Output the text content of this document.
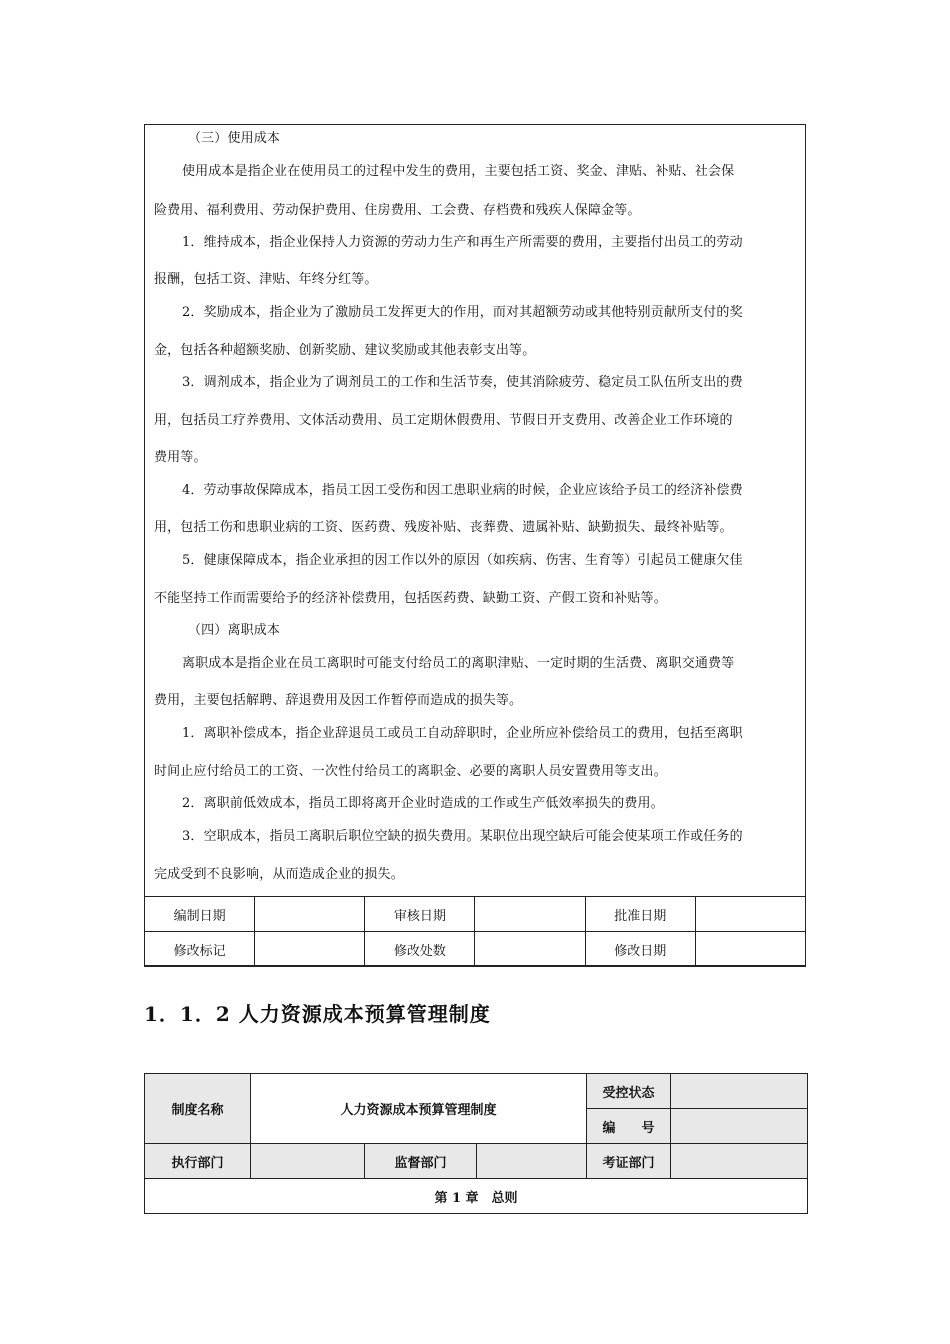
（三）使用成本
使用成本是指企业在使用员工的过程中发生的费用，主要包括工资、奖金、津贴、补贴、社会保
险费用、福利费用、劳动保护费用、住房费用、工会费、存档费和残疾人保障金等。
1．维持成本，指企业保持人力资源的劳动力生产和再生产所需要的费用，主要指付出员工的劳动
报酬，包括工资、津贴、年终分红等。
2．奖励成本，指企业为了激励员工发挥更大的作用，而对其超额劳动或其他特别贡献所支付的奖
金，包括各种超额奖励、创新奖励、建议奖励或其他表彰支出等。
3．调剂成本，指企业为了调剂员工的工作和生活节奏，使其消除疲劳、稳定员工队伍所支出的费
用，包括员工疗养费用、文体活动费用、员工定期休假费用、节假日开支费用、改善企业工作环境的
费用等。
4．劳动事故保障成本，指员工因工受伤和因工患职业病的时候，企业应该给予员工的经济补偿费
用，包括工伤和患职业病的工资、医药费、残废补贴、丧葬费、遗属补贴、缺勤损失、最终补贴等。
5．健康保障成本，指企业承担的因工作以外的原因（如疾病、伤害、生育等）引起员工健康欠佳
不能坚持工作而需要给予的经济补偿费用，包括医药费、缺勤工资、产假工资和补贴等。
（四）离职成本
离职成本是指企业在员工离职时可能支付给员工的离职津贴、一定时期的生活费、离职交通费等
费用，主要包括解聘、辞退费用及因工作暂停而造成的损失等。
1．离职补偿成本，指企业辞退员工或员工自动辞职时，企业所应补偿给员工的费用，包括至离职
时间止应付给员工的工资、一次性付给员工的离职金、必要的离职人员安置费用等支出。
2．离职前低效成本，指员工即将离开企业时造成的工作或生产低效率损失的费用。
3．空职成本，指员工离职后职位空缺的损失费用。某职位出现空缺后可能会使某项工作或任务的
完成受到不良影响，从而造成企业的损失。
编制日期		审核日期		批准日期	
修改标记		修改处数		修改日期	
1．1．2 人力资源成本预算管理制度
制度名称	人力资源成本预算管理制度			受控状态	
				编　　号	
执行部门		监督部门		考证部门	
第 1 章　总则					
